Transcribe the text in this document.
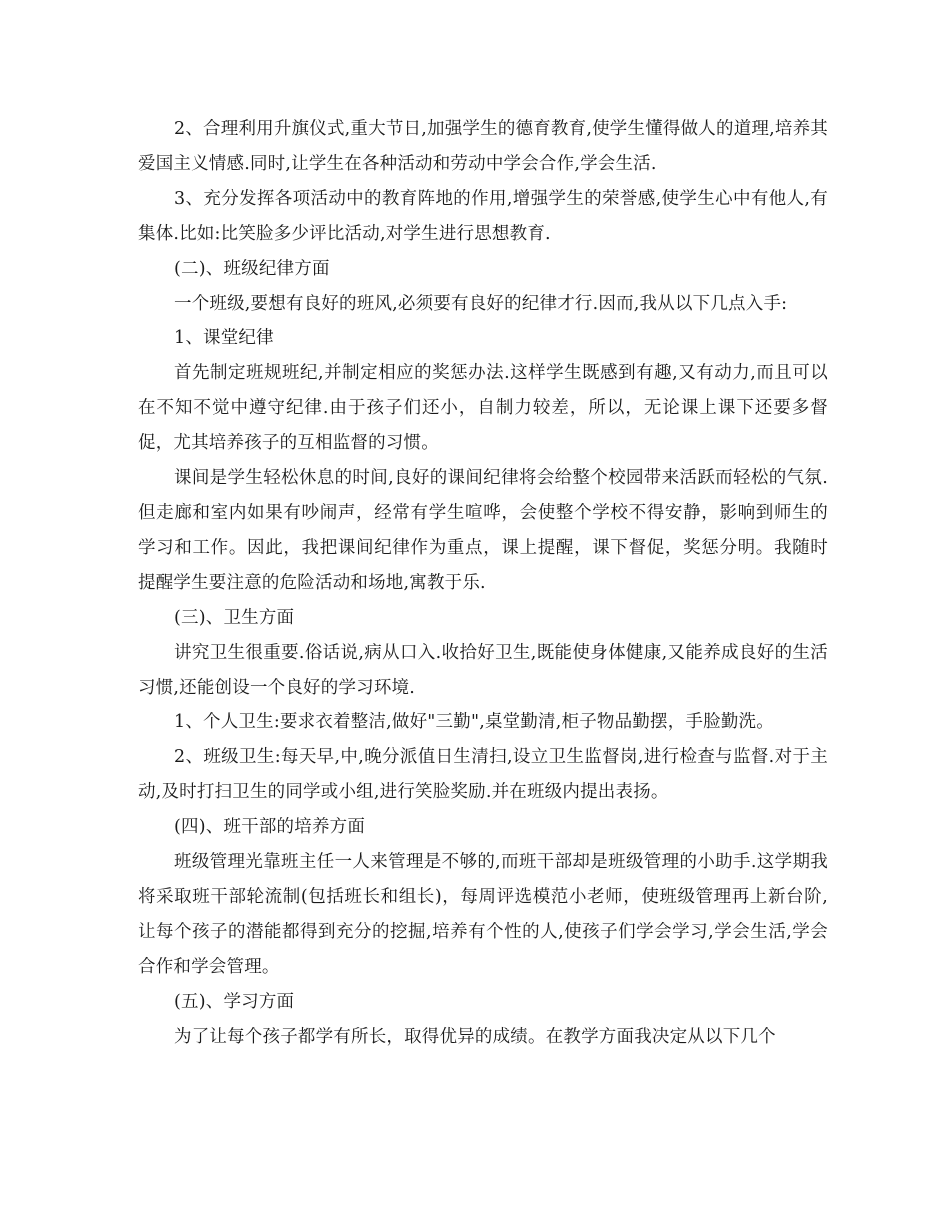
2、合理利用升旗仪式,重大节日,加强学生的德育教育,使学生懂得做人的道理,培养其爱国主义情感.同时,让学生在各种活动和劳动中学会合作,学会生活.

3、充分发挥各项活动中的教育阵地的作用,增强学生的荣誉感,使学生心中有他人,有集体.比如:比笑脸多少评比活动,对学生进行思想教育.

(二)、班级纪律方面

一个班级,要想有良好的班风,必须要有良好的纪律才行.因而,我从以下几点入手:

1、课堂纪律

首先制定班规班纪,并制定相应的奖惩办法.这样学生既感到有趣,又有动力,而且可以在不知不觉中遵守纪律.由于孩子们还小，自制力较差，所以，无论课上课下还要多督促，尤其培养孩子的互相监督的习惯。

课间是学生轻松休息的时间,良好的课间纪律将会给整个校园带来活跃而轻松的气氛.但走廊和室内如果有吵闹声，经常有学生喧哗，会使整个学校不得安静，影响到师生的学习和工作。因此，我把课间纪律作为重点，课上提醒，课下督促，奖惩分明。我随时提醒学生要注意的危险活动和场地,寓教于乐.

(三)、卫生方面

讲究卫生很重要.俗话说,病从口入.收拾好卫生,既能使身体健康,又能养成良好的生活习惯,还能创设一个良好的学习环境.

1、个人卫生:要求衣着整洁,做好"三勤",桌堂勤清,柜子物品勤摆，手脸勤洗。

2、班级卫生:每天早,中,晚分派值日生清扫,设立卫生监督岗,进行检查与监督.对于主动,及时打扫卫生的同学或小组,进行笑脸奖励.并在班级内提出表扬。

(四)、班干部的培养方面

班级管理光靠班主任一人来管理是不够的,而班干部却是班级管理的小助手.这学期我将采取班干部轮流制(包括班长和组长)，每周评选模范小老师，使班级管理再上新台阶,让每个孩子的潜能都得到充分的挖掘,培养有个性的人,使孩子们学会学习,学会生活,学会合作和学会管理。

(五)、学习方面

为了让每个孩子都学有所长，取得优异的成绩。在教学方面我决定从以下几个
